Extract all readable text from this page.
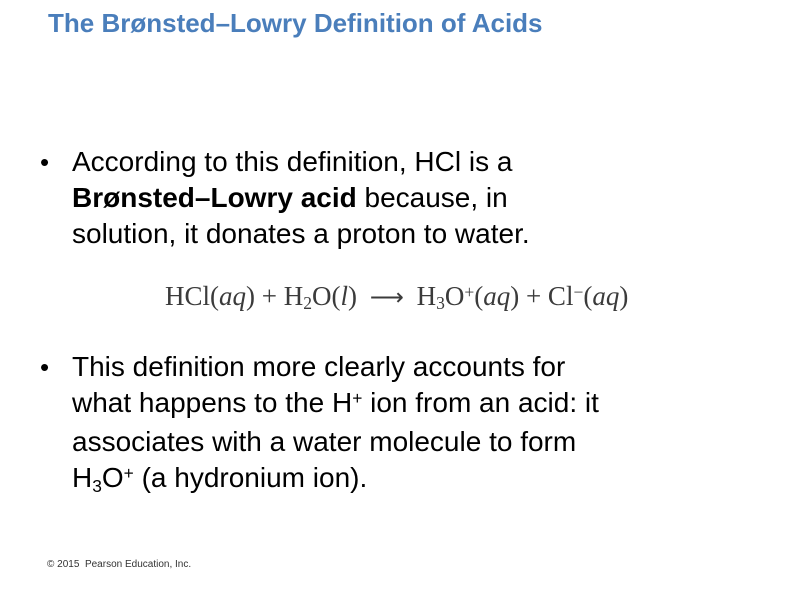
The Brønsted–Lowry Definition of Acids
• According to this definition, HCl is a
Brønsted–Lowry acid because, in
solution, it donates a proton to water.
HCl(aq) + H2O(l) ⟶ H3O+(aq) + Cl−(aq)
• This definition more clearly accounts for
what happens to the H+ ion from an acid: it
associates with a water molecule to form
H3O+ (a hydronium ion).
© 2015  Pearson Education, Inc.
